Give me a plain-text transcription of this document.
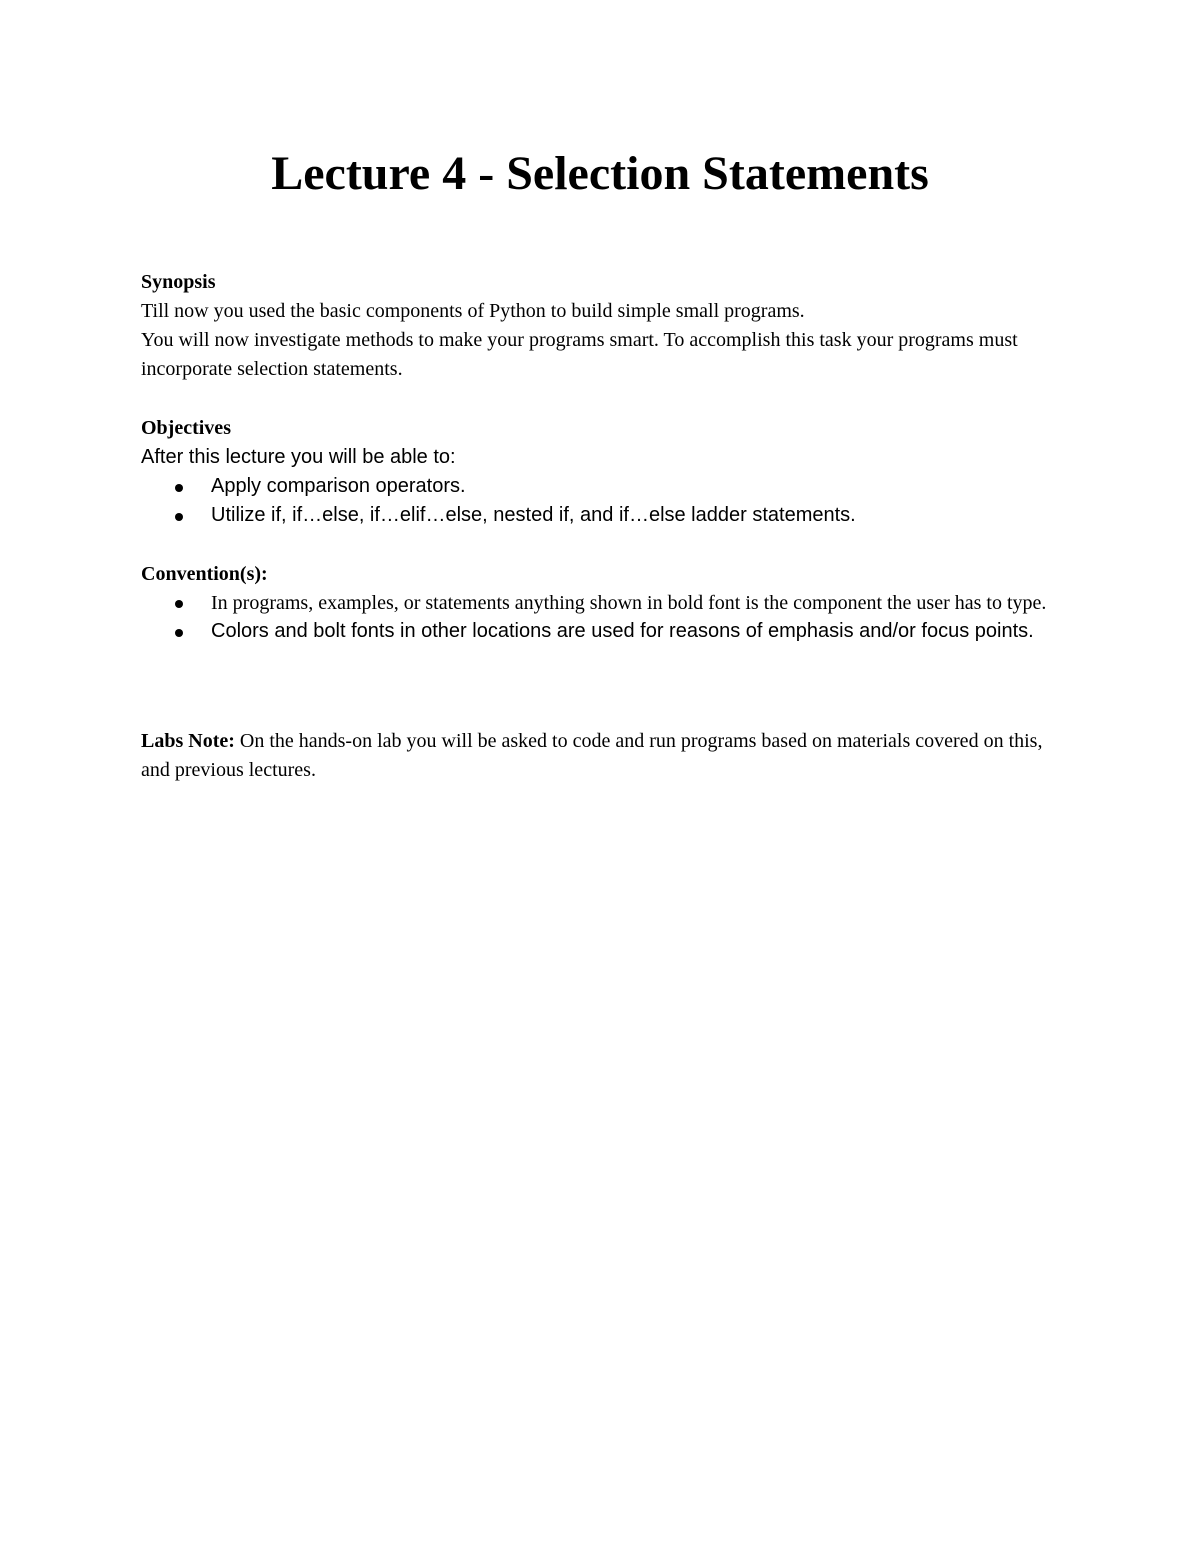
Lecture 4 - Selection Statements
Synopsis
Till now you used the basic components of Python to build simple small programs.
You will now investigate methods to make your programs smart. To accomplish this task your programs must incorporate selection statements.
Objectives
After this lecture you will be able to:
Apply comparison operators.
Utilize if, if…else, if…elif…else, nested if, and if…else ladder statements.
Convention(s):
In programs, examples, or statements anything shown in bold font is the component the user has to type.
Colors and bolt fonts in other locations are used for reasons of emphasis and/or focus points.
Labs Note: On the hands-on lab you will be asked to code and run programs based on materials covered on this, and previous lectures.
